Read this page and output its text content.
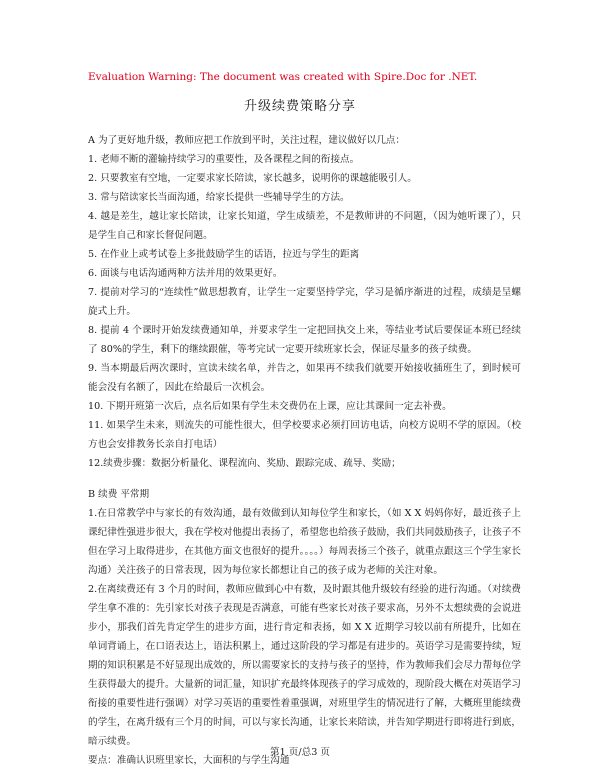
Evaluation Warning: The document was created with Spire.Doc for .NET.
升级续费策略分享

A 为了更好地升级，教师应把工作放到平时，关注过程，建议做好以几点：

1. 老师不断的灌输持续学习的重要性，及各课程之间的衔接点。

2. 只要教室有空地，一定要求家长陪读，家长越多，说明你的课越能吸引人。

3. 常与陪读家长当面沟通，给家长提供一些辅导学生的方法。

4. 越是差生，越让家长陪读，让家长知道，学生成绩差，不是教师讲的不问题，（因为她听课了），只是学生自己和家长督促问题。

5. 在作业上或考试卷上多批鼓励学生的话语，拉近与学生的距离

6. 面谈与电话沟通两种方法并用的效果更好。

7. 提前对学习的“连续性”做思想教育，让学生一定要坚持学完，学习是循序渐进的过程，成绩是呈螺旋式上升。

8. 提前 4 个课时开始发续费通知单，并要求学生一定把回执交上来，等结业考试后要保证本班已经续了 80%的学生，剩下的继续跟催，等考完试一定要开续班家长会，保证尽量多的孩子续费。

9. 当本期最后两次课时，宣读未续名单，并告之，如果再不续我们就要开始接收插班生了，到时候可能会没有名额了，因此在给最后一次机会。

10. 下期开班第一次后，点名后如果有学生未交费仍在上课，应让其课间一定去补费。

11. 如果学生未来，则流失的可能性很大，但学校要求必须打回访电话，向校方说明不学的原因。（校方也会安排教务长亲自打电话）

12.续费步骤：数据分析量化、课程流向、奖励、跟踪完成、疏导、奖励；

B 续费 平常期

1.在日常教学中与家长的有效沟通，最有效做到认知每位学生和家长，（如 X X 妈妈你好，最近孩子上课纪律性强进步很大，我在学校对他提出表扬了，希望您也给孩子鼓励，我们共同鼓励孩子，让孩子不但在学习上取得进步，在其他方面文也很好的提升。。。。）每周表扬三个孩子，就重点跟这三个学生家长沟通）关注孩子的日常表现，因为每位家长都想让自己的孩子成为老师的关注对象。

2.在离续费还有 3 个月的时间，教师应做到心中有数，及时跟其他升级较有经验的进行沟通。（对续费学生拿不准的：先引家长对孩子表现是否满意，可能有些家长对孩子要求高，另外不太想续费的会说进步小，那我们首先肯定学生的进步方面，进行肯定和表扬，如 X X 近期学习较以前有所提升，比如在单词背诵上，在口语表达上，语法积累上，通过这阶段的学习都是有进步的。英语学习是需要持续，短期的知识积累是不好显现出成效的，所以需要家长的支持与孩子的坚持，作为教师我们会尽力帮每位学生获得最大的提升。大量新的词汇量，知识扩充最终体现孩子的学习成效的，现阶段大概在对英语学习衔接的重要性进行强调）对学习英语的重要性着重强调，对班里学生的情况进行了解，大概班里能续费的学生，在离升级有三个月的时间，可以与家长沟通，让家长来陪读，并告知学期进行即将进行到底，暗示续费。

要点：准确认识班里家长，大面积的与学生沟通

第1 页/总3 页
